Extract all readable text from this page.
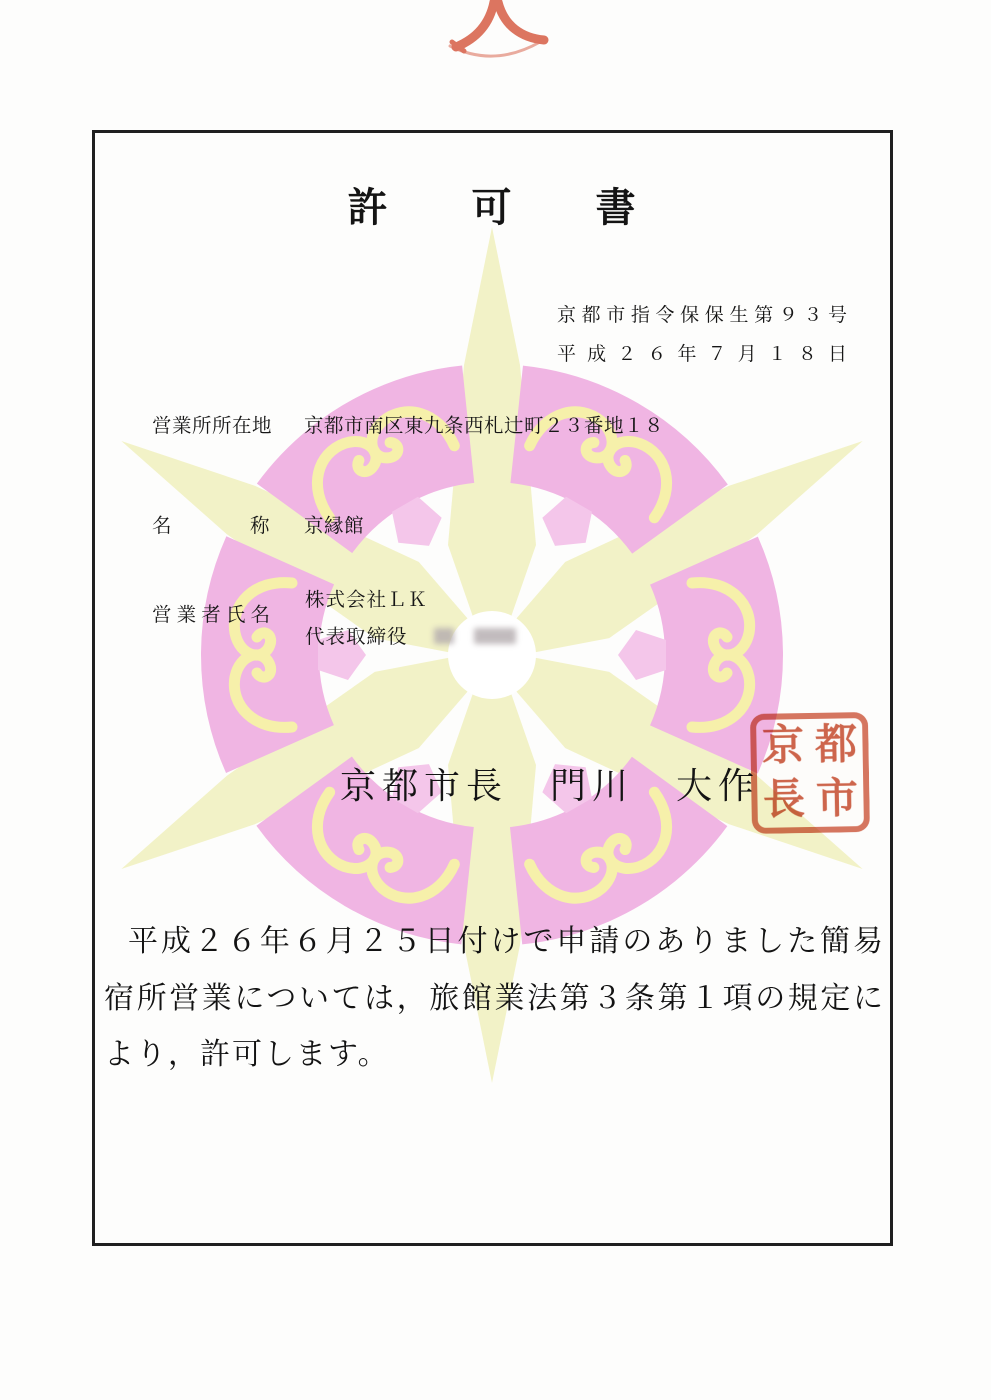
許　可　書
京都市指令保保生第９３号
平成２６年７月１８日
営業所所在地 京都市南区東九条西札辻町２３番地１８
名称 京縁館
営業者氏名
株式会社ＬＫ
代表取締役
京都市長　門川　大作
京 都
長 市
平成２６年６月２５日付けで申請のありました簡易
宿所営業については，旅館業法第３条第１項の規定に
より，許可します。
